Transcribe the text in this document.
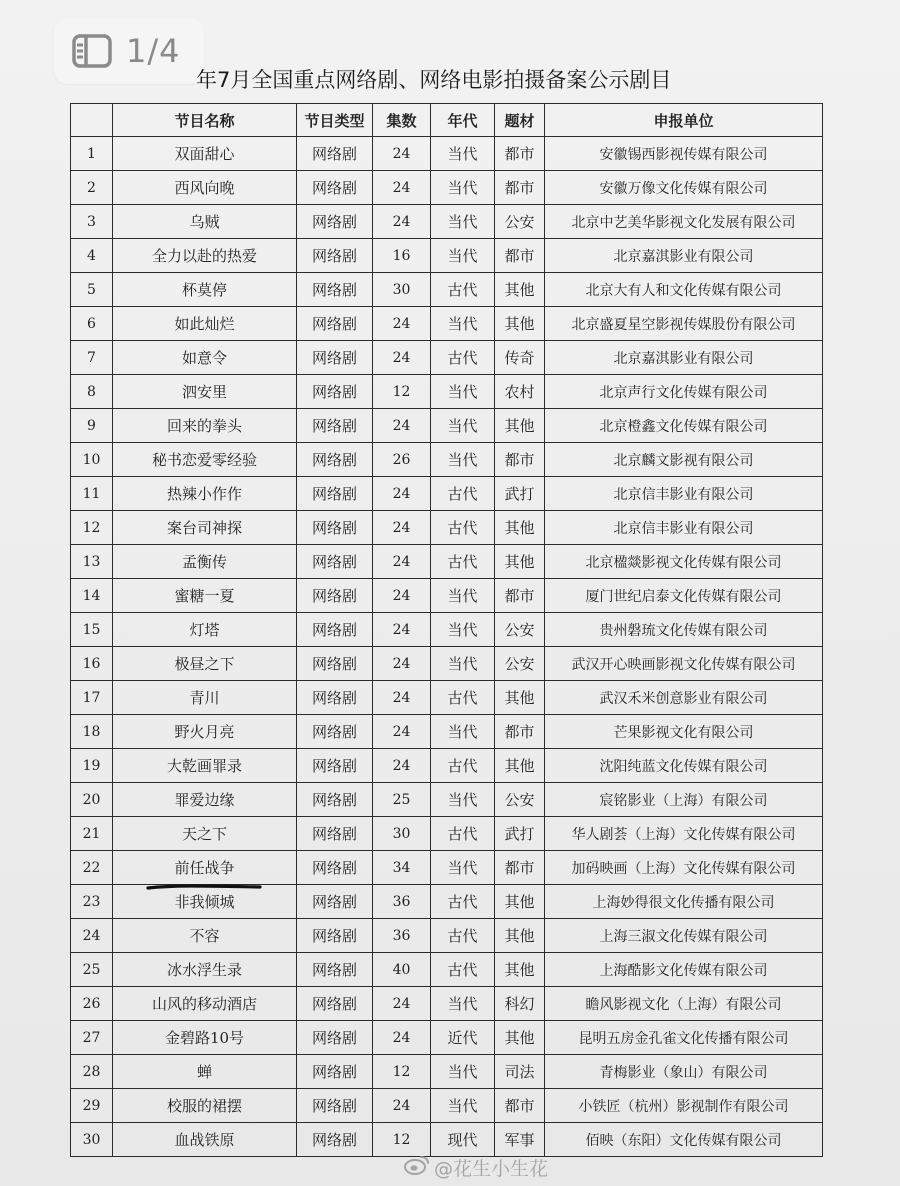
1/4
年7月全国重点网络剧、网络电影拍摄备案公示剧目
	节目名称	节目类型	集数	年代	题材	申报单位
1	双面甜心	网络剧	24	当代	都市	安徽锡西影视传媒有限公司
2	西风向晚	网络剧	24	当代	都市	安徽万像文化传媒有限公司
3	乌贼	网络剧	24	当代	公安	北京中艺美华影视文化发展有限公司
4	全力以赴的热爱	网络剧	16	当代	都市	北京嘉淇影业有限公司
5	杯莫停	网络剧	30	古代	其他	北京大有人和文化传媒有限公司
6	如此灿烂	网络剧	24	当代	其他	北京盛夏星空影视传媒股份有限公司
7	如意令	网络剧	24	古代	传奇	北京嘉淇影业有限公司
8	泗安里	网络剧	12	当代	农村	北京声行文化传媒有限公司
9	回来的拳头	网络剧	24	当代	其他	北京橙鑫文化传媒有限公司
10	秘书恋爱零经验	网络剧	26	当代	都市	北京麟文影视有限公司
11	热辣小作作	网络剧	24	古代	武打	北京信丰影业有限公司
12	案台司神探	网络剧	24	古代	其他	北京信丰影业有限公司
13	孟衡传	网络剧	24	古代	其他	北京楹燚影视文化传媒有限公司
14	蜜糖一夏	网络剧	24	当代	都市	厦门世纪启泰文化传媒有限公司
15	灯塔	网络剧	24	当代	公安	贵州磐琉文化传媒有限公司
16	极昼之下	网络剧	24	当代	公安	武汉开心映画影视文化传媒有限公司
17	青川	网络剧	24	古代	其他	武汉禾米创意影业有限公司
18	野火月亮	网络剧	24	当代	都市	芒果影视文化有限公司
19	大乾画罪录	网络剧	24	古代	其他	沈阳纯蓝文化传媒有限公司
20	罪爱边缘	网络剧	25	当代	公安	宸铭影业（上海）有限公司
21	天之下	网络剧	30	古代	武打	华人剧荟（上海）文化传媒有限公司
22	前任战争	网络剧	34	当代	都市	加码映画（上海）文化传媒有限公司
23	非我倾城	网络剧	36	古代	其他	上海妙得很文化传播有限公司
24	不容	网络剧	36	古代	其他	上海三淑文化传媒有限公司
25	冰水浮生录	网络剧	40	古代	其他	上海酷影文化传媒有限公司
26	山风的移动酒店	网络剧	24	当代	科幻	瞻风影视文化（上海）有限公司
27	金碧路10号	网络剧	24	近代	其他	昆明五房金孔雀文化传播有限公司
28	蝉	网络剧	12	当代	司法	青梅影业（象山）有限公司
29	校服的裙摆	网络剧	24	当代	都市	小铁匠（杭州）影视制作有限公司
30	血战铁原	网络剧	12	现代	军事	佰映（东阳）文化传媒有限公司
@花生小生花
